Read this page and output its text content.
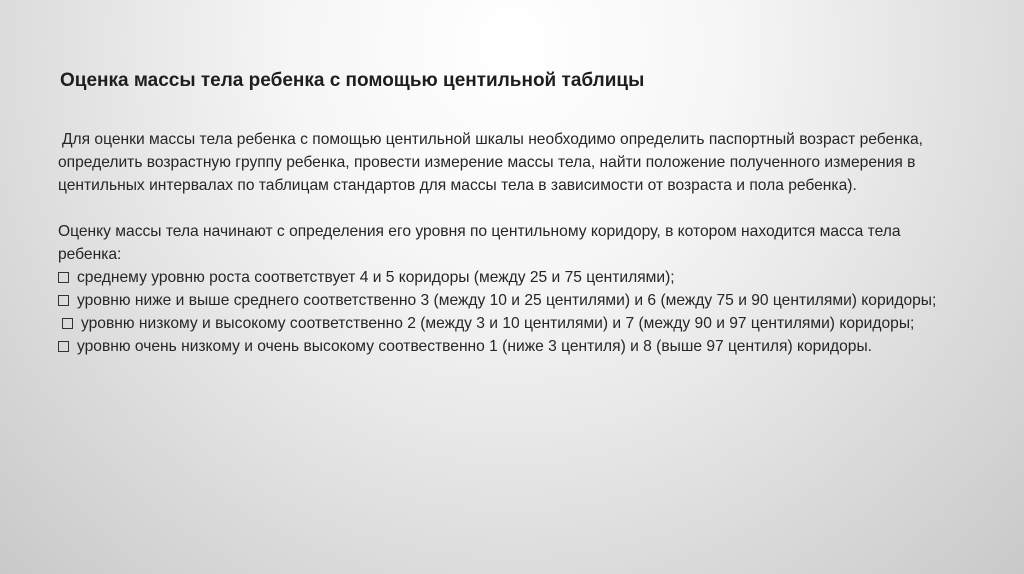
Оценка массы тела ребенка с помощью центильной таблицы

Для оценки массы тела ребенка с помощью центильной шкалы необходимо определить паспортный возраст ребенка, определить возрастную группу ребенка, провести измерение массы тела, найти положение полученного измерения в центильных интервалах по таблицам стандартов для массы тела в зависимости от возраста и пола ребенка).

Оценку массы тела начинают с определения его уровня по центильному коридору, в котором находится масса тела ребенка:

среднему уровню роста соответствует 4 и 5 коридоры (между 25 и 75 центилями);

уровню ниже и выше среднего соответственно 3 (между 10 и 25 центилями) и 6 (между 75 и 90 центилями) коридоры;

уровню низкому и высокому соответственно 2 (между 3 и 10 центилями) и 7 (между 90 и 97 центилями) коридоры;

уровню очень низкому и очень высокому соотвественно 1 (ниже 3 центиля) и 8 (выше 97 центиля) коридоры.
